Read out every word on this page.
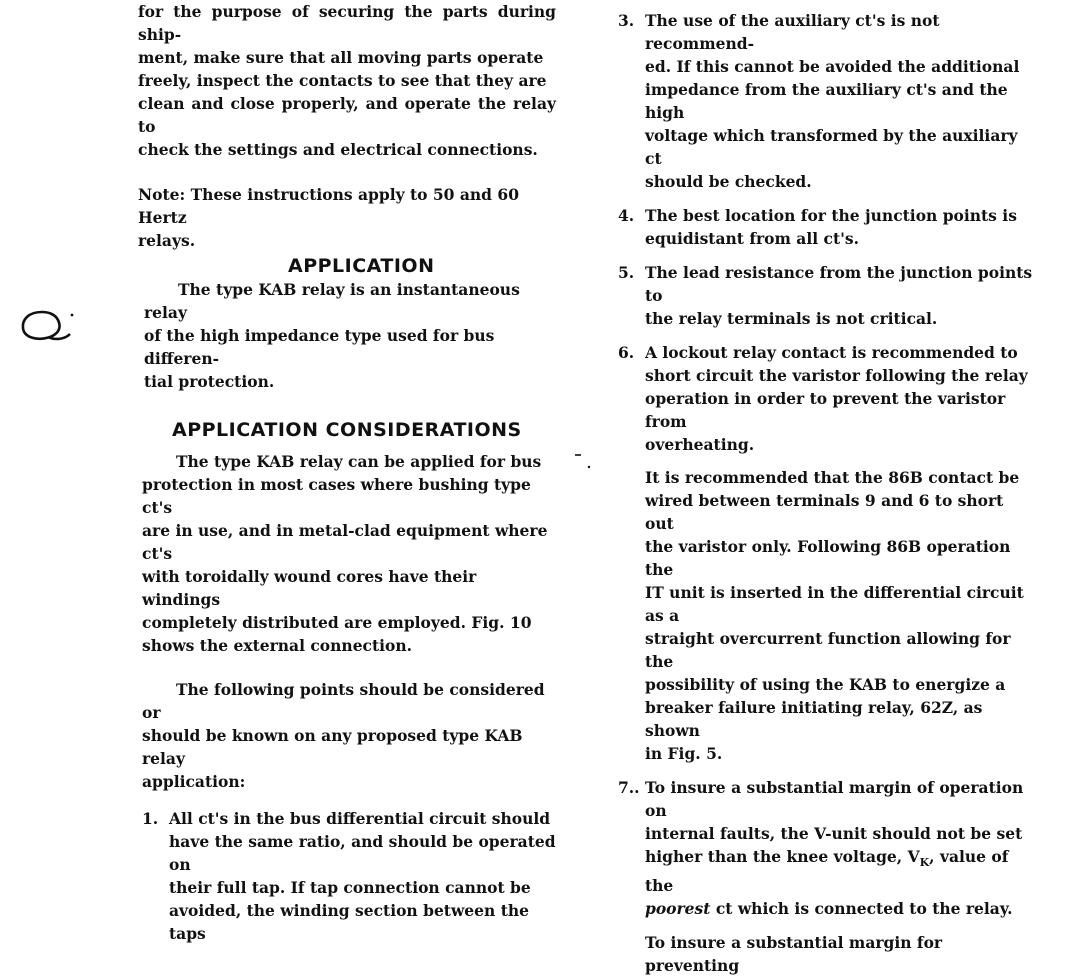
for the purpose of securing the parts during ship-

ment, make sure that all moving parts operate

freely, inspect the contacts to see that they are

clean and close properly, and operate the relay to

check the settings and electrical connections.

Note: These instructions apply to 50 and 60 Hertz

relays.

APPLICATION

The type KAB relay is an instantaneous relay

of the high impedance type used for bus differen-

tial protection.

APPLICATION CONSIDERATIONS

The type KAB relay can be applied for bus

protection in most cases where bushing type ct's

are in use, and in metal-clad equipment where ct's

with toroidally wound cores have their windings

completely distributed are employed. Fig. 10

shows the external connection.

The following points should be considered or

should be known on any proposed type KAB relay

application:

1. All ct's in the bus differential circuit should

have the same ratio, and should be operated on

their full tap. If tap connection cannot be

avoided, the winding section between the taps

3. The use of the auxiliary ct's is not recommend-

ed. If this cannot be avoided the additional

impedance from the auxiliary ct's and the high

voltage which transformed by the auxiliary ct

should be checked.

4. The best location for the junction points is

equidistant from all ct's.

5. The lead resistance from the junction points to

the relay terminals is not critical.

6. A lockout relay contact is recommended to

short circuit the varistor following the relay

operation in order to prevent the varistor from

overheating.

It is recommended that the 86B contact be

wired between terminals 9 and 6 to short out

the varistor only. Following 86B operation the

IT unit is inserted in the differential circuit as a

straight overcurrent function allowing for the

possibility of using the KAB to energize a

breaker failure initiating relay, 62Z, as shown

in Fig. 5.

7.. To insure a substantial margin of operation on

internal faults, the V-unit should not be set

higher than the knee voltage, $V_K$, value of the

poorest ct which is connected to the relay.

To insure a substantial margin for preventing
